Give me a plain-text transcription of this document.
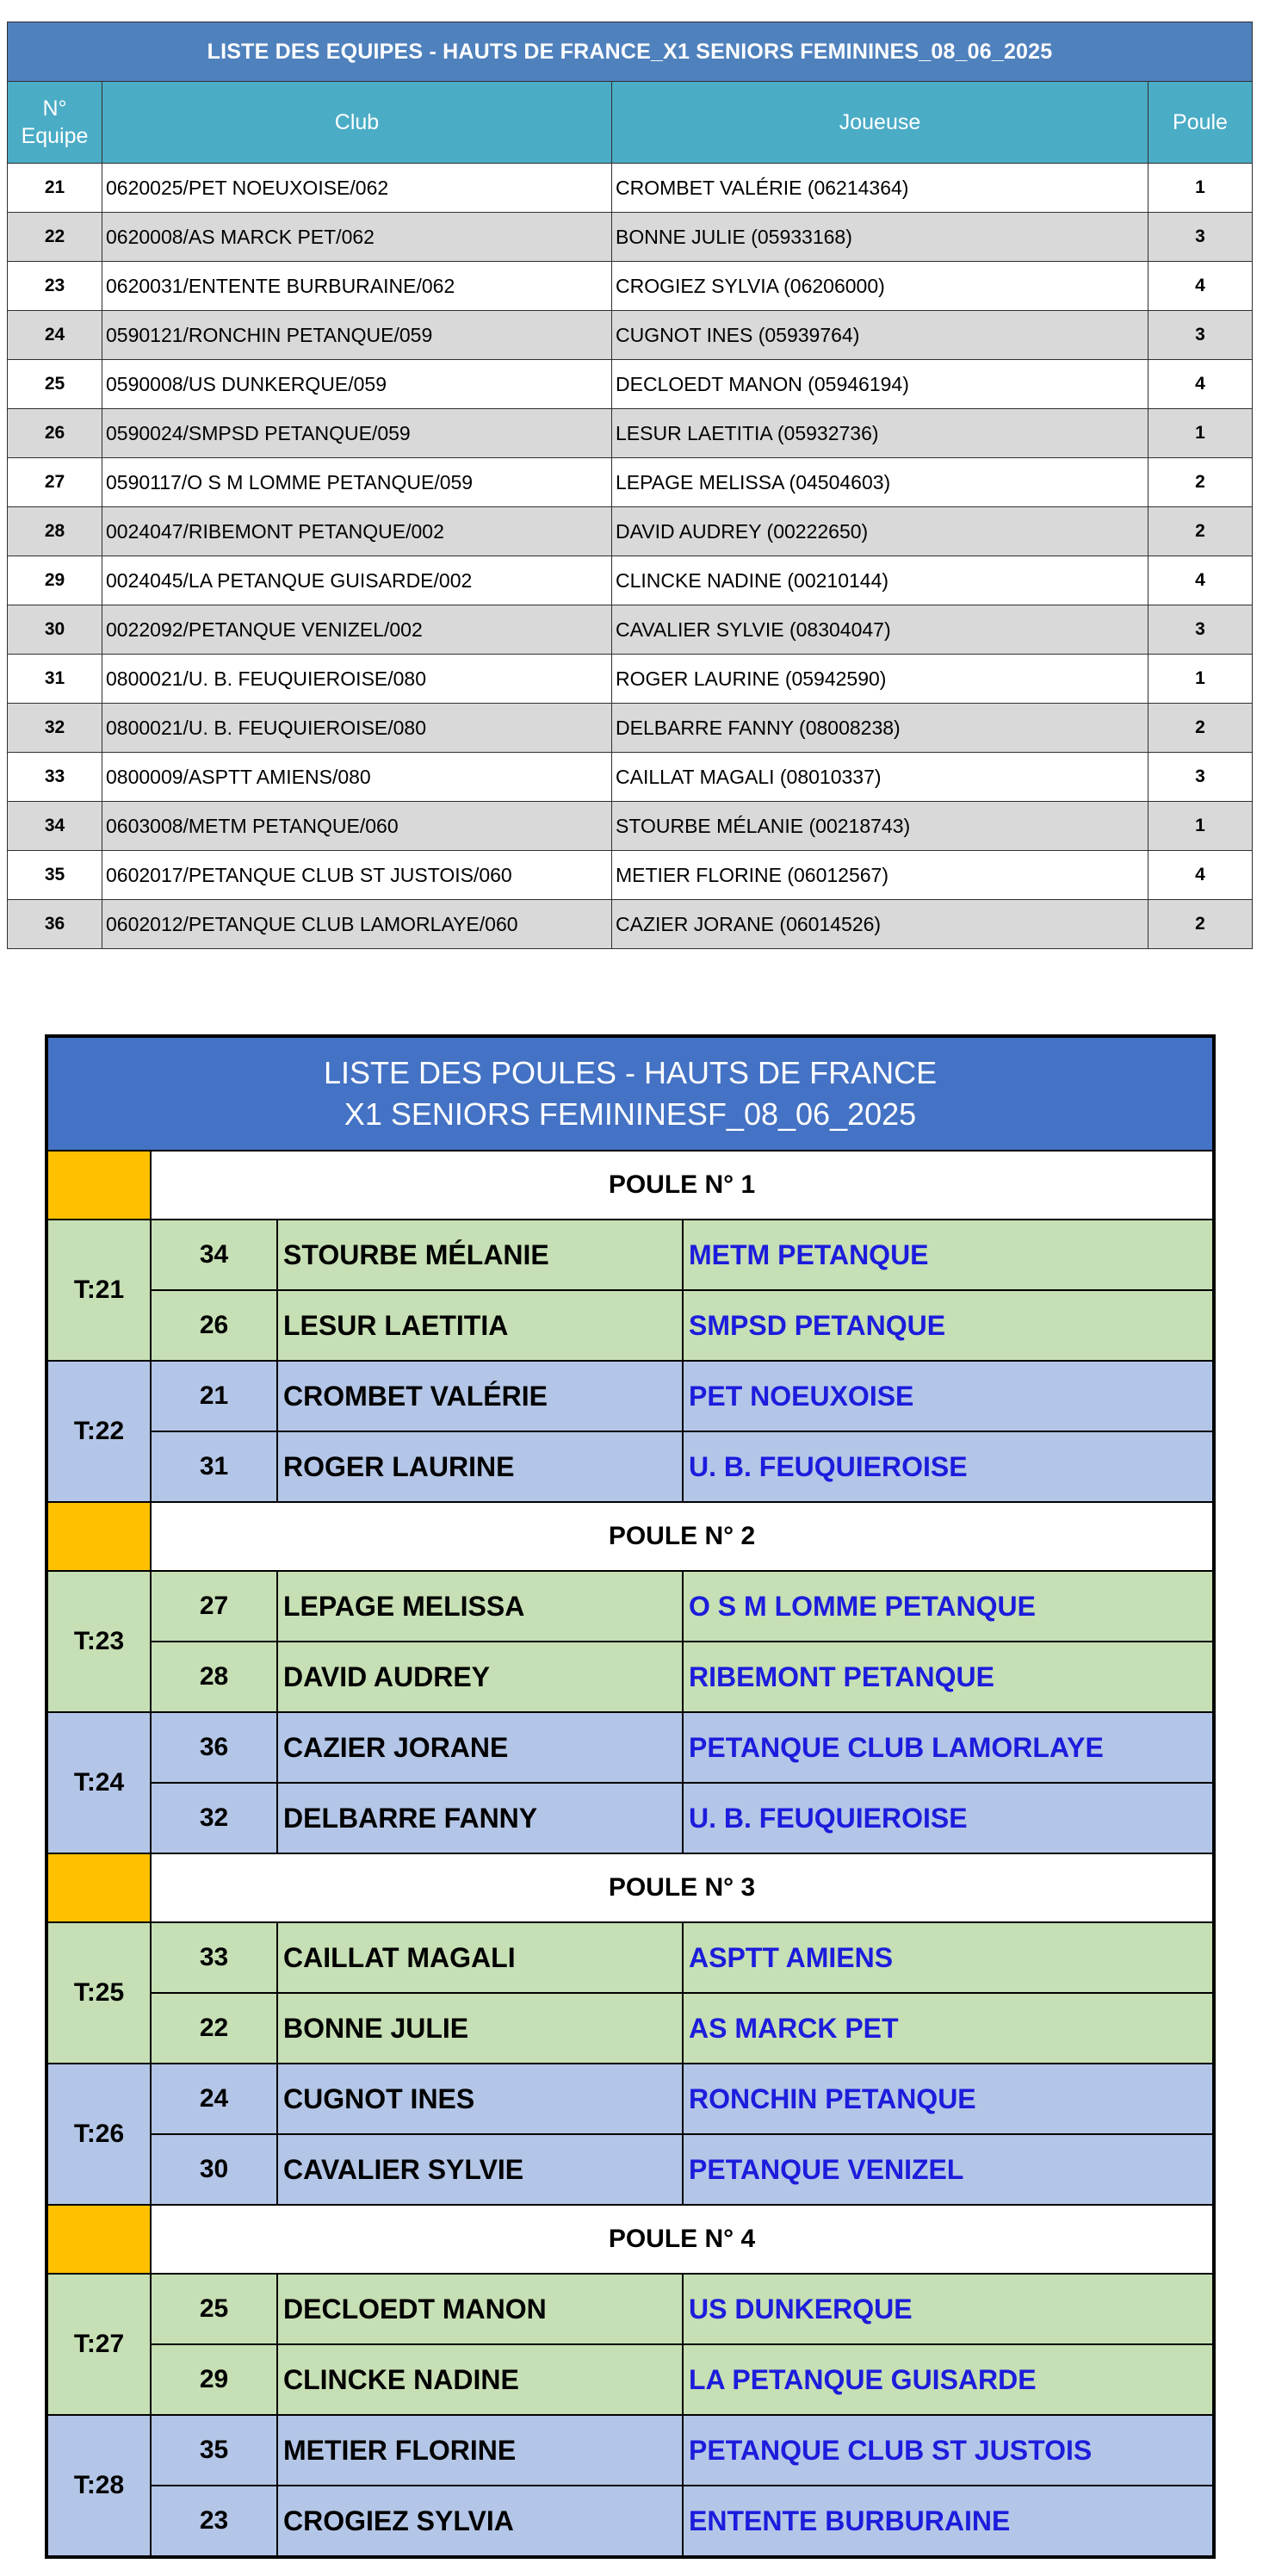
LISTE DES EQUIPES - HAUTS DE FRANCE_X1 SENIORS FEMININES_08_06_2025			
N°
Equipe	Club	Joueuse	Poule
21	0620025/PET NOEUXOISE/062	CROMBET VALÉRIE (06214364)	1
22	0620008/AS MARCK PET/062	BONNE JULIE (05933168)	3
23	0620031/ENTENTE BURBURAINE/062	CROGIEZ SYLVIA (06206000)	4
24	0590121/RONCHIN PETANQUE/059	CUGNOT INES (05939764)	3
25	0590008/US DUNKERQUE/059	DECLOEDT MANON (05946194)	4
26	0590024/SMPSD PETANQUE/059	LESUR LAETITIA (05932736)	1
27	0590117/O S M LOMME PETANQUE/059	LEPAGE MELISSA (04504603)	2
28	0024047/RIBEMONT PETANQUE/002	DAVID AUDREY (00222650)	2
29	0024045/LA PETANQUE GUISARDE/002	CLINCKE NADINE (00210144)	4
30	0022092/PETANQUE VENIZEL/002	CAVALIER SYLVIE (08304047)	3
31	0800021/U. B. FEUQUIEROISE/080	ROGER LAURINE (05942590)	1
32	0800021/U. B. FEUQUIEROISE/080	DELBARRE FANNY (08008238)	2
33	0800009/ASPTT AMIENS/080	CAILLAT MAGALI (08010337)	3
34	0603008/METM PETANQUE/060	STOURBE MÉLANIE (00218743)	1
35	0602017/PETANQUE CLUB ST JUSTOIS/060	METIER FLORINE (06012567)	4
36	0602012/PETANQUE CLUB LAMORLAYE/060	CAZIER JORANE (06014526)	2
LISTE DES POULES - HAUTS DE FRANCE
X1 SENIORS FEMININESF_08_06_2025			
	POULE N° 1		
T:21	34	STOURBE MÉLANIE	METM PETANQUE
	26	LESUR LAETITIA	SMPSD PETANQUE
T:22	21	CROMBET VALÉRIE	PET NOEUXOISE
	31	ROGER LAURINE	U. B. FEUQUIEROISE
	POULE N° 2		
T:23	27	LEPAGE MELISSA	O S M LOMME PETANQUE
	28	DAVID AUDREY	RIBEMONT PETANQUE
T:24	36	CAZIER JORANE	PETANQUE CLUB LAMORLAYE
	32	DELBARRE FANNY	U. B. FEUQUIEROISE
	POULE N° 3		
T:25	33	CAILLAT MAGALI	ASPTT AMIENS
	22	BONNE JULIE	AS MARCK PET
T:26	24	CUGNOT INES	RONCHIN PETANQUE
	30	CAVALIER SYLVIE	PETANQUE VENIZEL
	POULE N° 4		
T:27	25	DECLOEDT MANON	US DUNKERQUE
	29	CLINCKE NADINE	LA PETANQUE GUISARDE
T:28	35	METIER FLORINE	PETANQUE CLUB ST JUSTOIS
	23	CROGIEZ SYLVIA	ENTENTE BURBURAINE
